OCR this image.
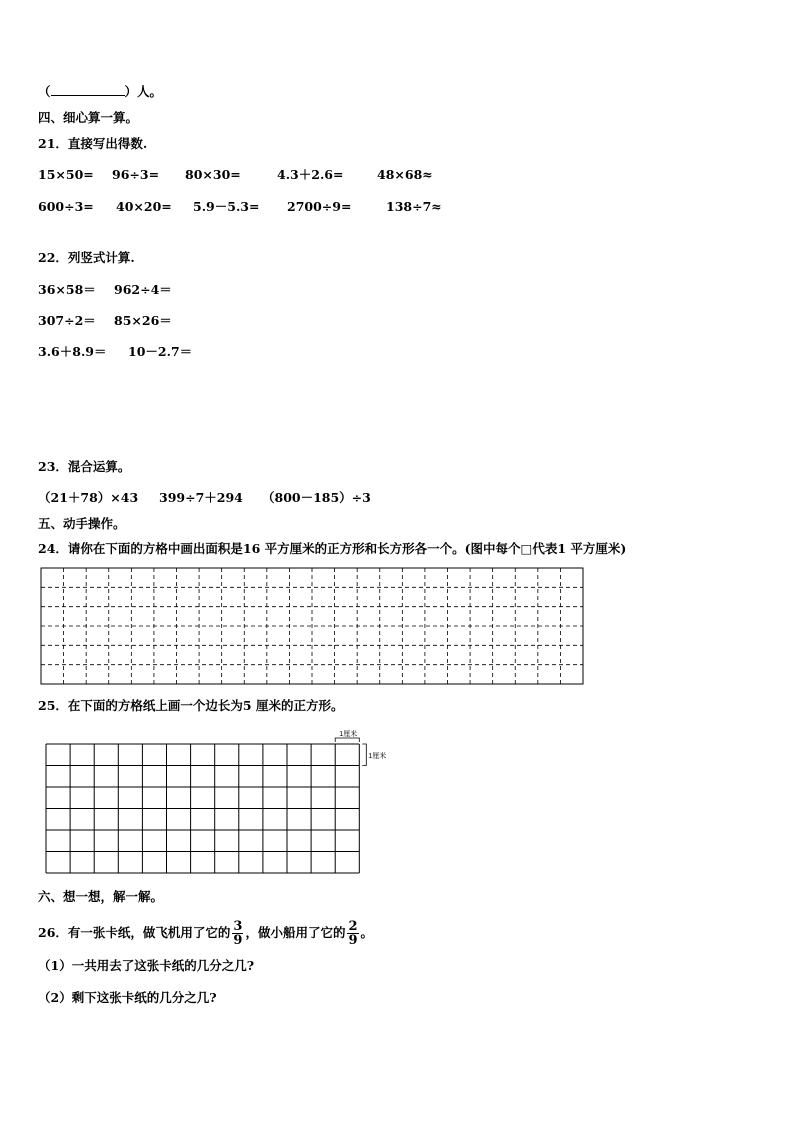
（	）人。
四、细心算一算。
21．直接写出得数.
15×50= 96÷3= 80×30=	4.3＋2.6=	48×68≈
600÷3= 40×20= 5.9－5.3= 2700÷9=	138÷7≈
22．列竖式计算.
36×58＝ 962÷4＝
307÷2＝ 85×26＝
3.6＋8.9＝ 10－2.7＝
23．混合运算。
（21＋78）×43 399÷7＋294 （800－185）÷3
五、动手操作。
24．请你在下面的方格中画出面积是16 平方厘米的正方形和长方形各一个。(图中每个□代表1 平方厘米)
25．在下面的方格纸上画一个边长为5 厘米的正方形。
1厘米
1厘米
六、想一想，解一解。
26．有一张卡纸，做飞机用了它的 $\frac{3}{9}$ ，做小船用了它的 $\frac{2}{9}$ 。
（1）一共用去了这张卡纸的几分之几?
（2）剩下这张卡纸的几分之几?
